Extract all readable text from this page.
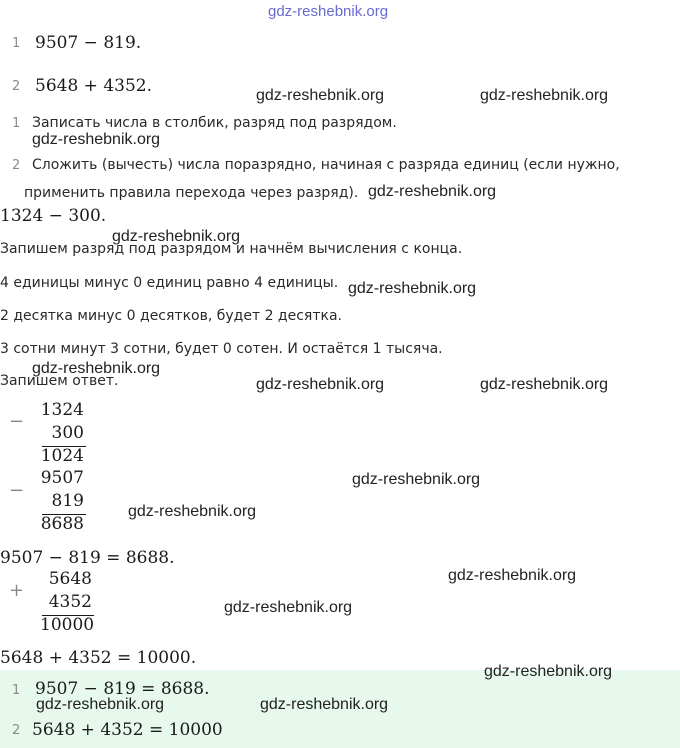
gdz-reshebnik.org
1 9507 − 819.
2 5648 + 4352.	gdz-reshebnik.org	gdz-reshebnik.org
1 Записать числа в столбик, разряд под разрядом.
gdz-reshebnik.org
2 Сложить (вычесть) числа поразрядно, начиная с разряда единиц (если нужно,
применить правила перехода через разряд). gdz-reshebnik.org
1324 − 300.
gdz-reshebnik.org
Запишем разряд под разрядом и начнём вычисления с конца.
4 единицы минус 0 единиц равно 4 единицы. gdz-reshebnik.org
2 десятка минус 0 десятков, будет 2 десятка.
3 сотни минут 3 сотни, будет 0 сотен. И остаётся 1 тысяча.
Запишем ответ.
gdz-reshebnik.org
gdz-reshebnik.org	gdz-reshebnik.org
−
1324
300
1024
−
9507
819
8688
gdz-reshebnik.org
gdz-reshebnik.org
9507 − 819 = 8688.
+
5648
4352
10000
gdz-reshebnik.org
gdz-reshebnik.org
5648 + 4352 = 10000.
gdz-reshebnik.org
1 9507 − 819 = 8688.
gdz-reshebnik.org	gdz-reshebnik.org
2 5648 + 4352 = 10000
